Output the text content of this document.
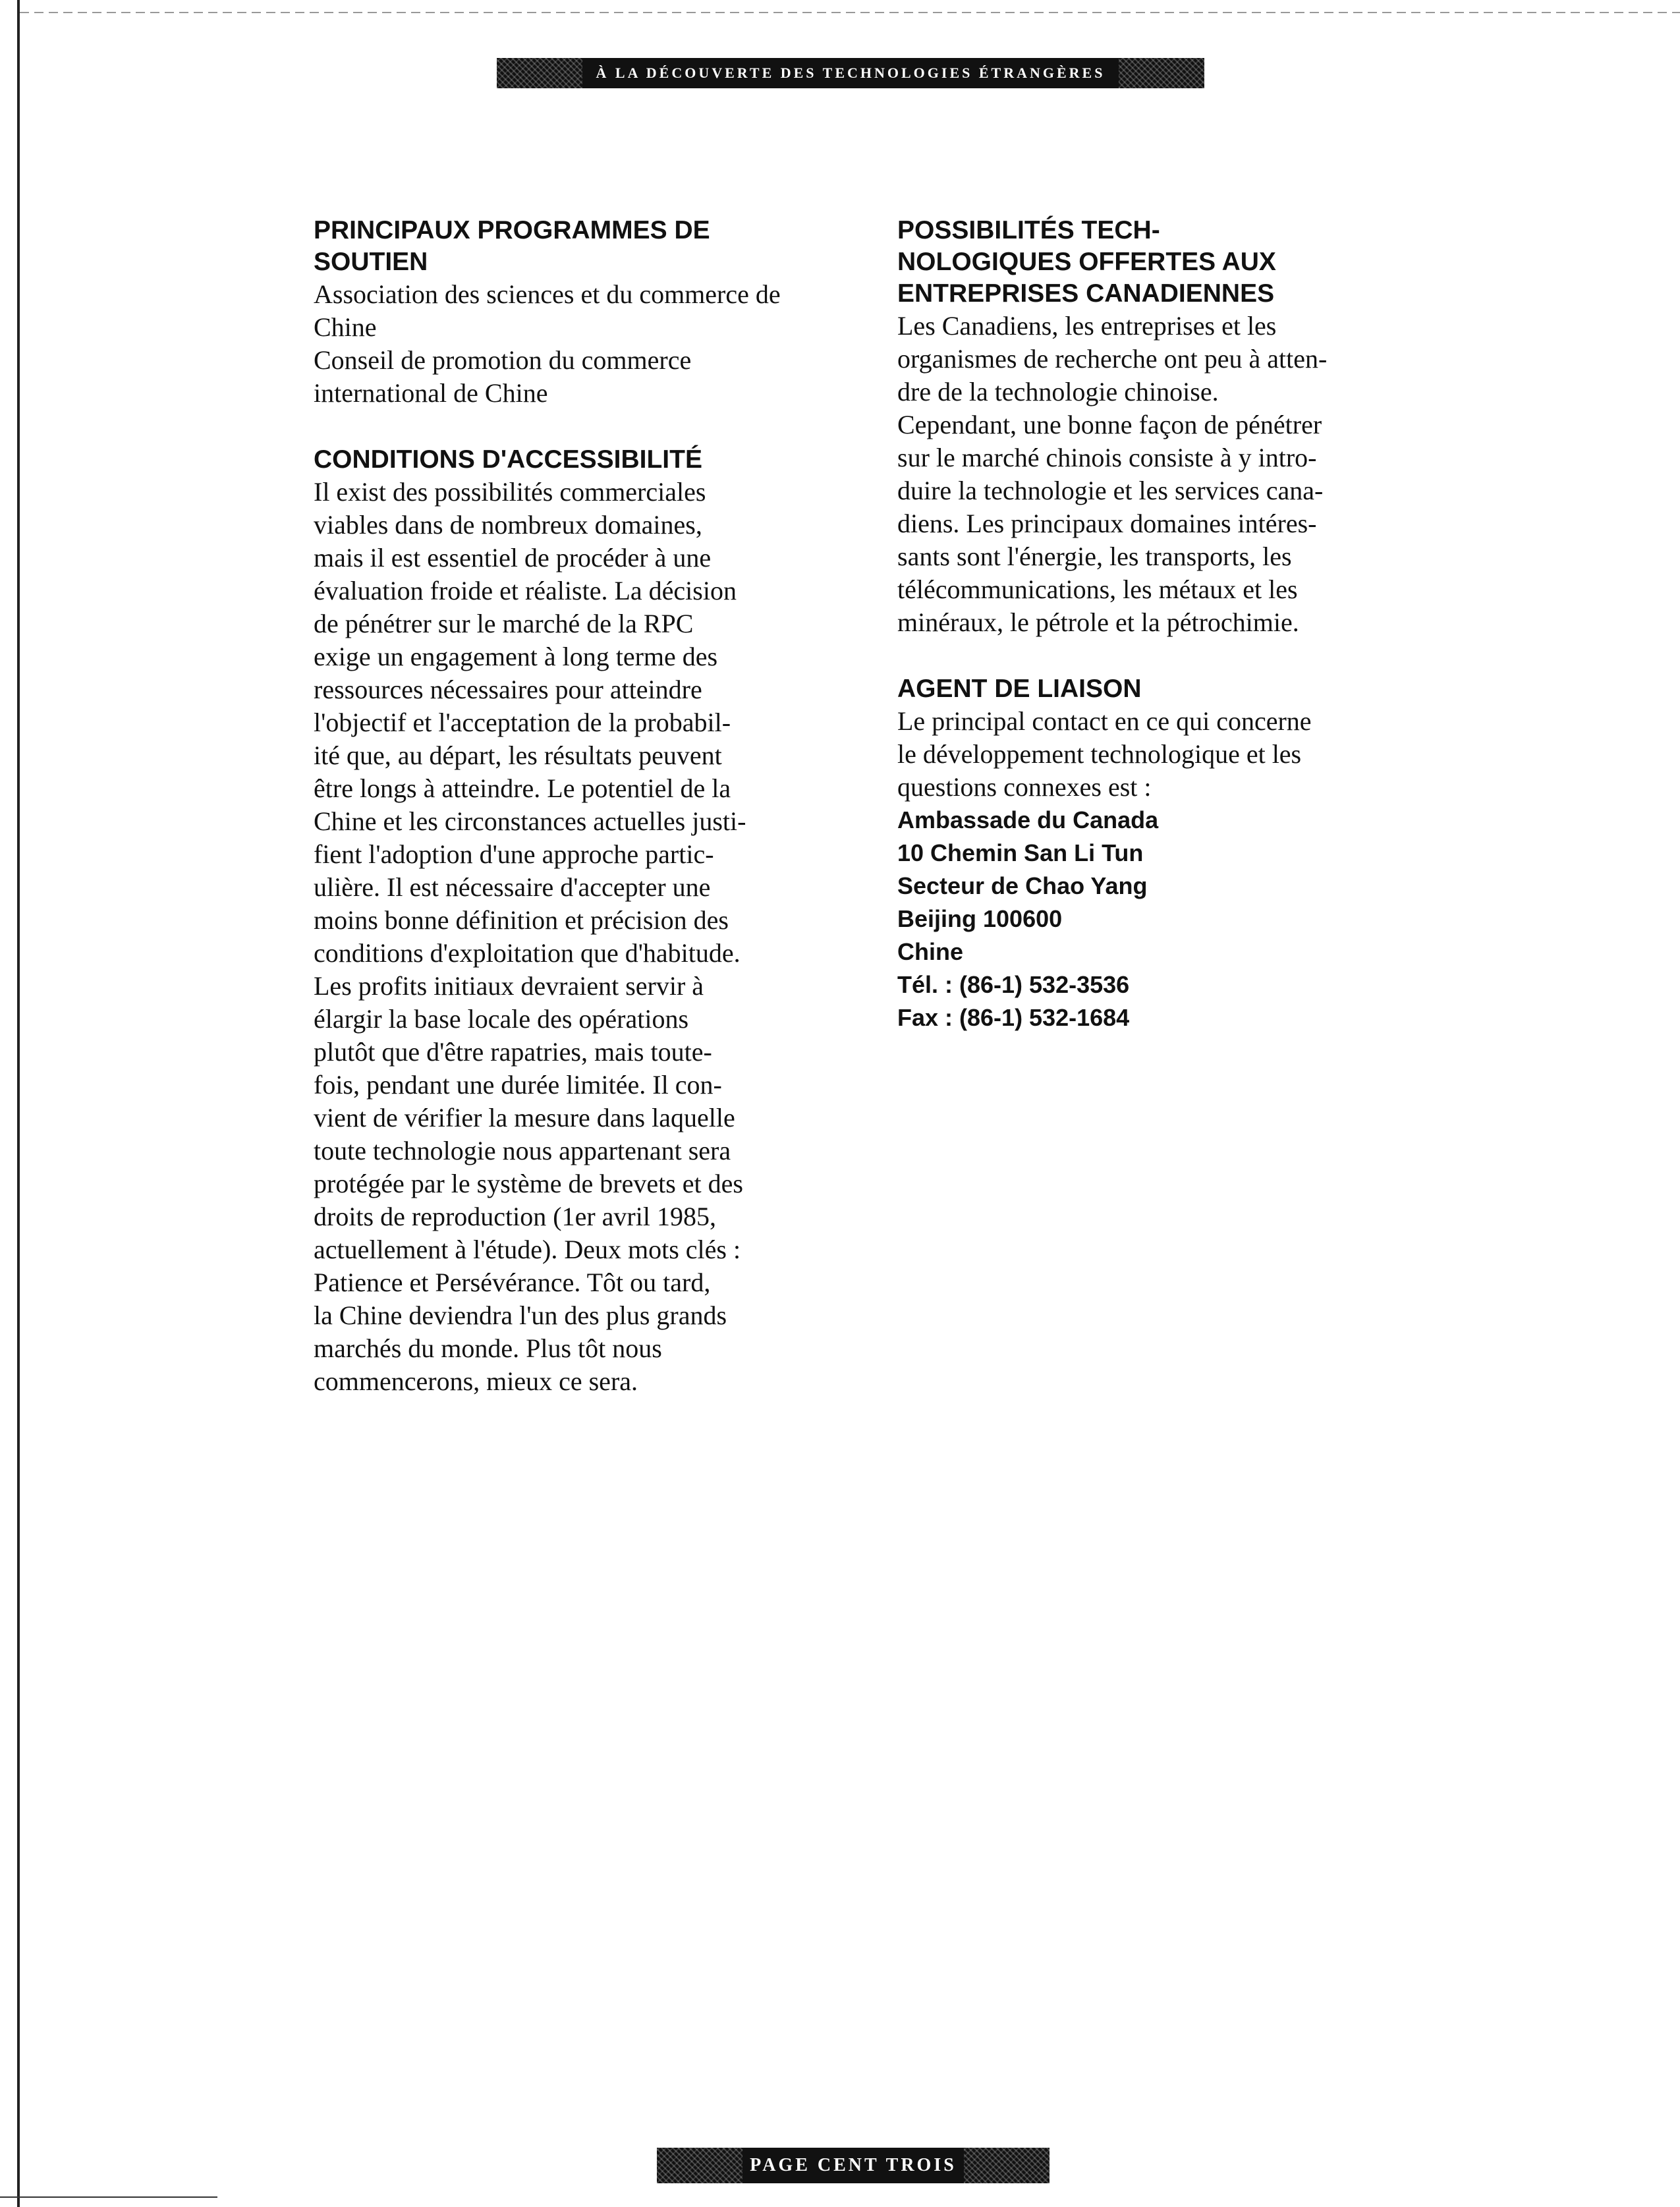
À LA DÉCOUVERTE DES TECHNOLOGIES ÉTRANGÈRES
PRINCIPAUX PROGRAMMES DE SOUTIEN

Association des sciences et du commerce de Chine

Conseil de promotion du commerce international de Chine

CONDITIONS D'ACCESSIBILITÉ

Il exist des possibilités commerciales
viables dans de nombreux domaines,
mais il est essentiel de procéder à une
évaluation froide et réaliste. La décision
de pénétrer sur le marché de la RPC
exige un engagement à long terme des
ressources nécessaires pour atteindre
l'objectif et l'acceptation de la probabil-
ité que, au départ, les résultats peuvent
être longs à atteindre. Le potentiel de la
Chine et les circonstances actuelles justi-
fient l'adoption d'une approche partic-
ulière. Il est nécessaire d'accepter une
moins bonne définition et précision des
conditions d'exploitation que d'habitude.
Les profits initiaux devraient servir à
élargir la base locale des opérations
plutôt que d'être rapatries, mais toute-
fois, pendant une durée limitée. Il con-
vient de vérifier la mesure dans laquelle
toute technologie nous appartenant sera
protégée par le système de brevets et des
droits de reproduction (1er avril 1985,
actuellement à l'étude). Deux mots clés :
Patience et Persévérance. Tôt ou tard,
la Chine deviendra l'un des plus grands
marchés du monde. Plus tôt nous
commencerons, mieux ce sera.

POSSIBILITÉS TECH-
NOLOGIQUES OFFERTES AUX
ENTREPRISES CANADIENNES

Les Canadiens, les entreprises et les
organismes de recherche ont peu à atten-
dre de la technologie chinoise.
Cependant, une bonne façon de pénétrer
sur le marché chinois consiste à y intro-
duire la technologie et les services cana-
diens. Les principaux domaines intéres-
sants sont l'énergie, les transports, les
télécommunications, les métaux et les
minéraux, le pétrole et la pétrochimie.

AGENT DE LIAISON

Le principal contact en ce qui concerne
le développement technologique et les
questions connexes est :

Ambassade du Canada
10 Chemin San Li Tun
Secteur de Chao Yang
Beijing 100600
Chine
Tél. : (86-1) 532-3536
Fax : (86-1) 532-1684

PAGE CENT TROIS
